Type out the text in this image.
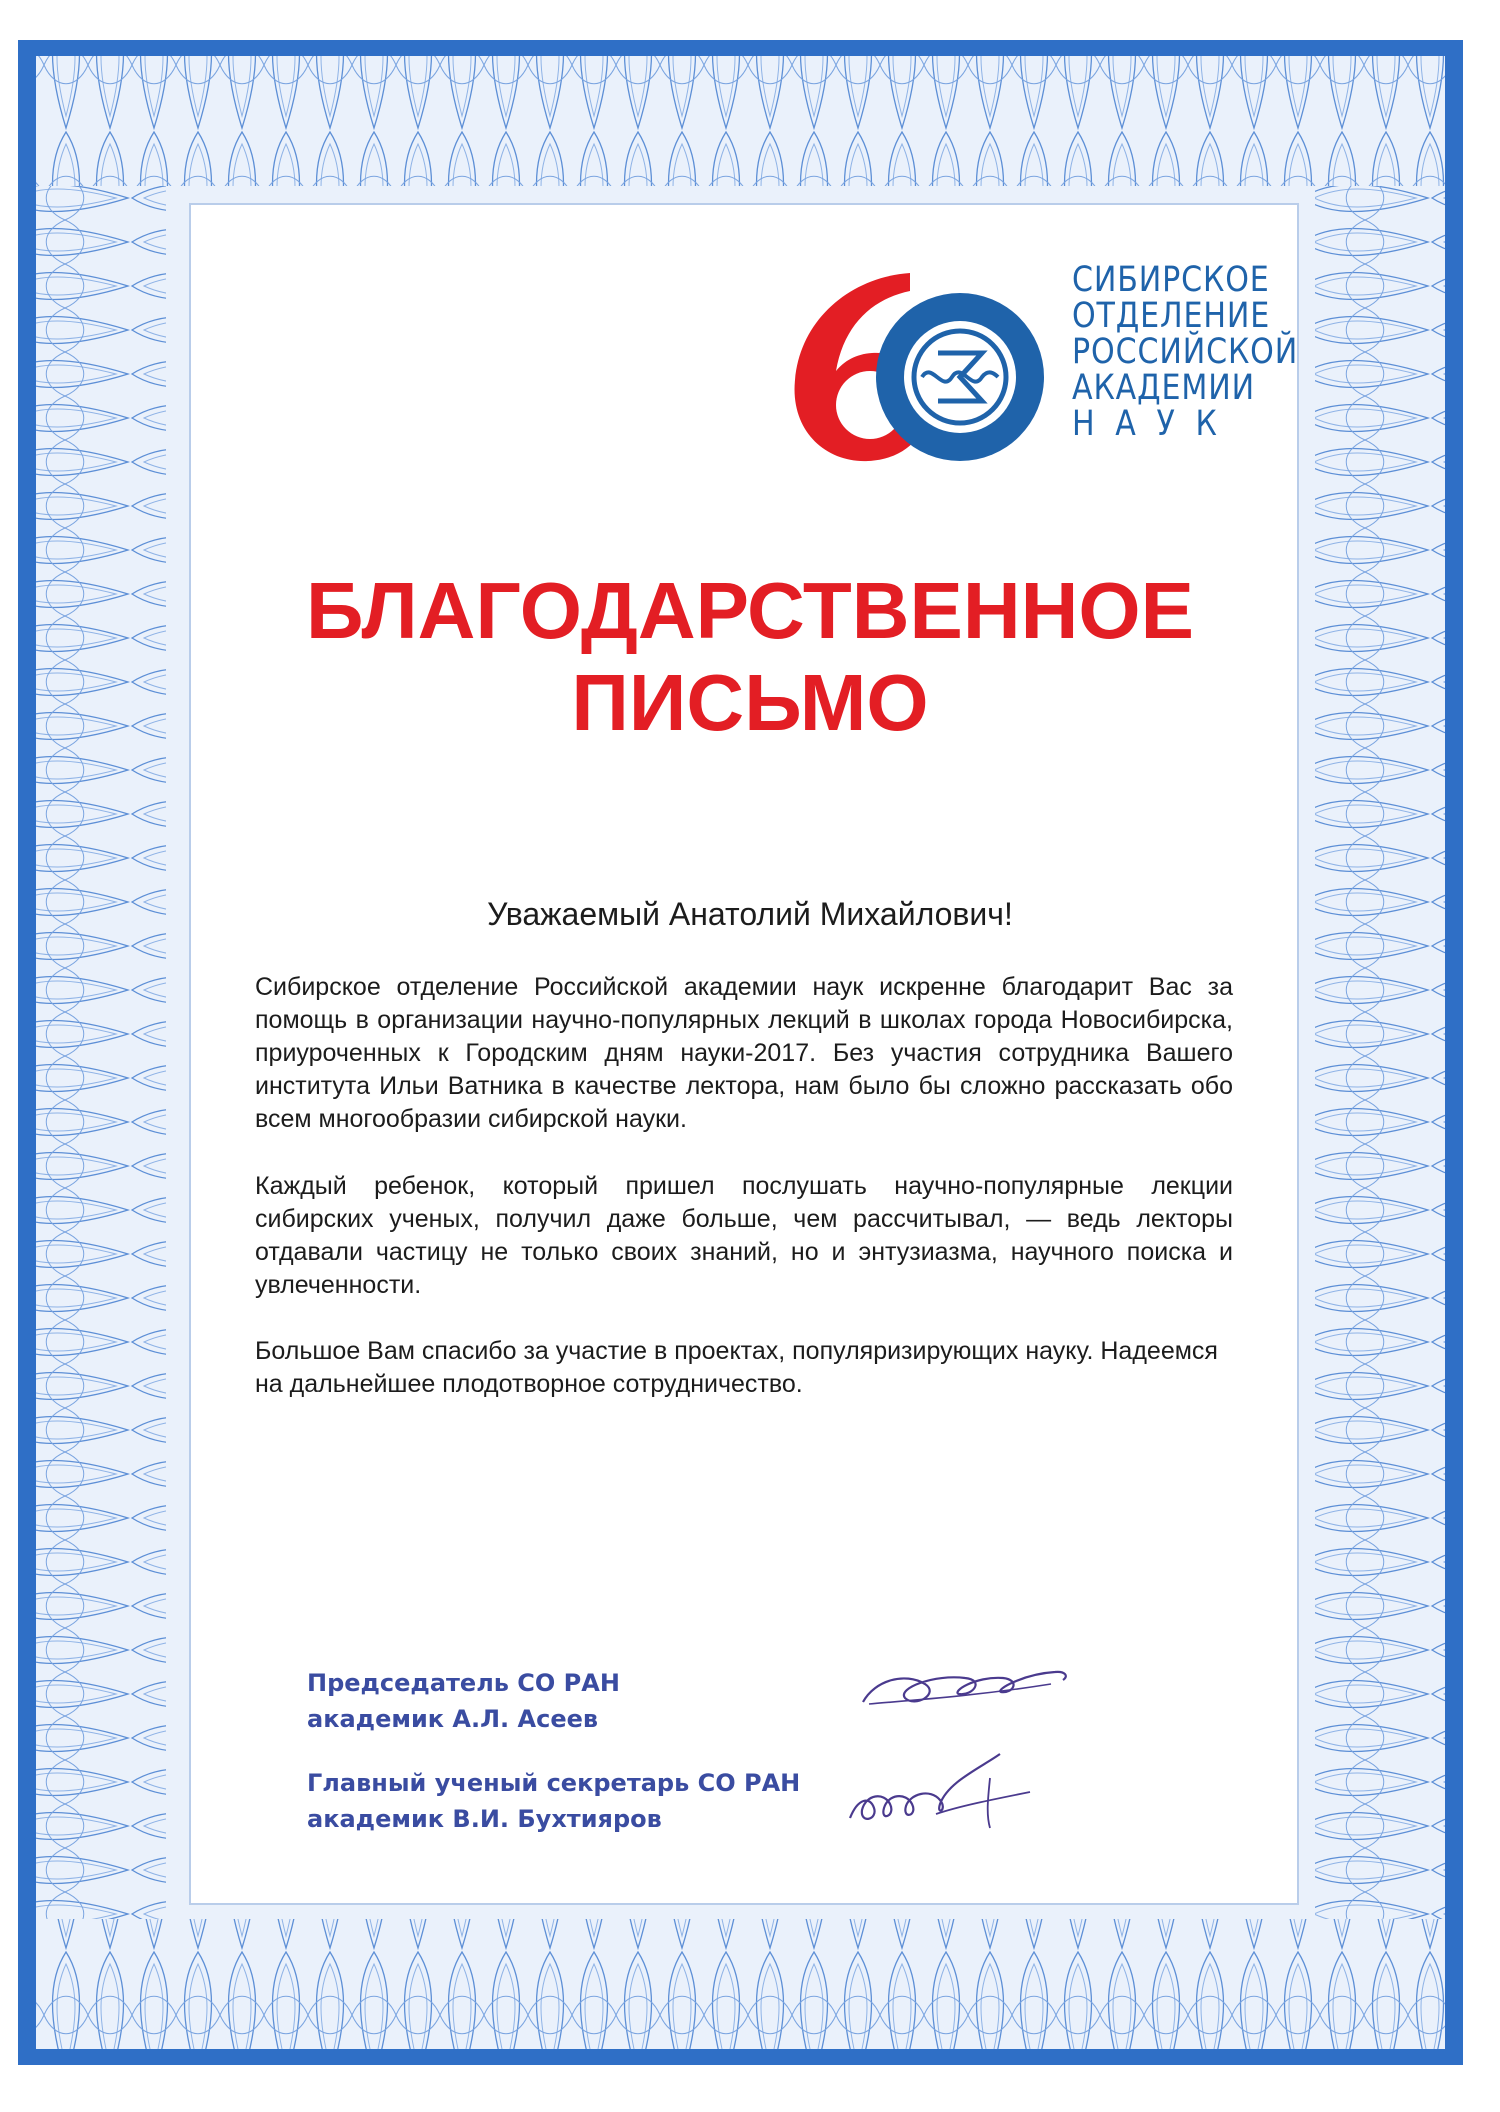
СИБИРСКОЕ
ОТДЕЛЕНИЕ
РОССИЙСКОЙ
АКАДЕМИИ
НАУК
БЛАГОДАРСТВЕННОЕ
ПИСЬМО
Уважаемый Анатолий Михайлович!
Сибирское отделение Российской академии наук искренне благодарит Вас за помощь в организации научно-популярных лекций в школах города Новосибирска, приуроченных к Городским дням науки-2017. Без участия сотрудника Вашего института Ильи Ватника в качестве лектора, нам было бы сложно рассказать обо всем многообразии сибирской науки.
Каждый ребенок, который пришел послушать научно-популярные лекции сибирских ученых, получил даже больше, чем рассчитывал, — ведь лекторы отдавали частицу не только своих знаний, но и энтузиазма, научного поиска и увлеченности.
Большое Вам спасибо за участие в проектах, популяризирующих науку. Надеемся на дальнейшее плодотворное сотрудничество.
Председатель СО РАН
академик А.Л. Асеев
Главный ученый секретарь СО РАН
академик В.И. Бухтияров
